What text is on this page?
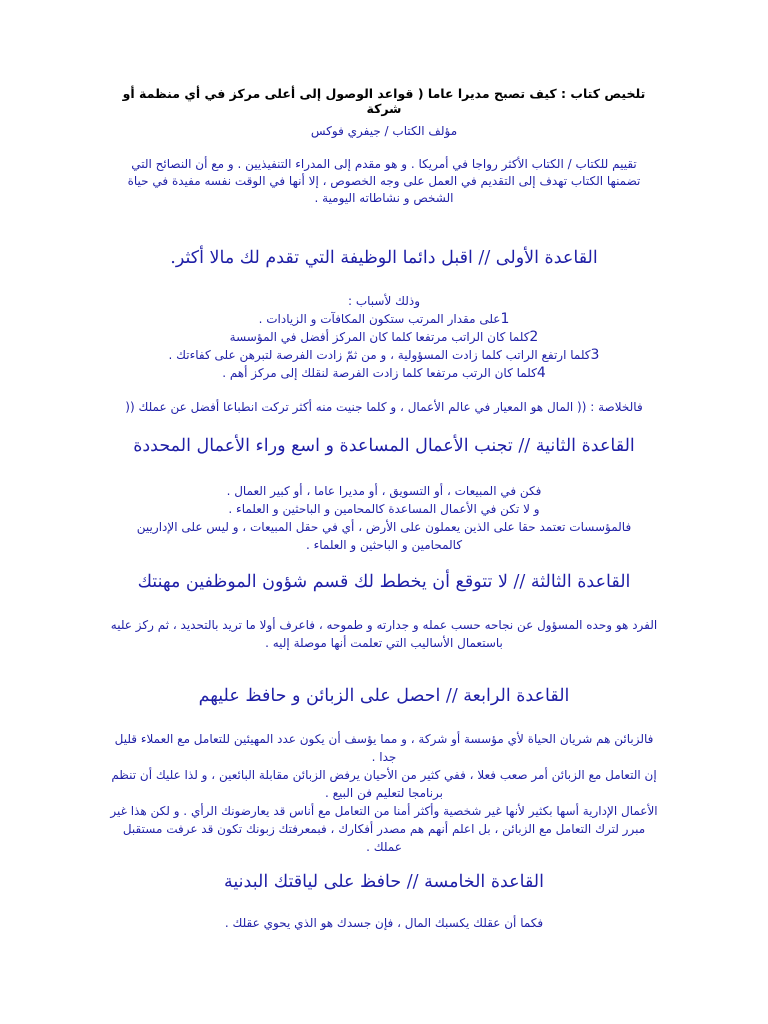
تلخيص كتاب : كيف تصبح مديرا عاما ( قواعد الوصول إلى أعلى مركز في أي منظمة أو شركة
مؤلف الكتاب / جيفري فوكس
تقييم للكتاب / الكتاب الأكثر رواجا في أمريكا . و هو مقدم إلى المدراء التنفيذيين . و مع أن النصائح التي تضمنها الكتاب تهدف إلى التقديم في العمل على وجه الخصوص ، إلا أنها في الوقت نفسه مفيدة في حياة الشخص و نشاطاته اليومية .
القاعدة الأولى // اقبل دائما الوظيفة التي تقدم لك مالا أكثر.

وذلك لأسباب :

1على مقدار المرتب ستكون المكافآت و الزيادات .

2كلما كان الراتب مرتفعا كلما كان المركز أفضل في المؤسسة

3كلما ارتفع الراتب كلما زادت المسؤولية ، و من ثمّ زادت الفرصة لتبرهن على كفاءتك .

4كلما كان الرتب مرتفعا كلما زادت الفرصة لنقلك إلى مركز أهم .

فالخلاصة : (( المال هو المعيار في عالم الأعمال ، و كلما جنيت منه أكثر تركت انطباعا أفضل عن عملك ((
القاعدة الثانية // تجنب الأعمال المساعدة و اسع وراء الأعمال المحددة

فكن في المبيعات ، أو التسويق ، أو مديرا عاما ، أو كبير العمال .

و لا تكن في الأعمال المساعدة كالمحامين و الباحثين و العلماء .

فالمؤسسات تعتمد حقا على الذين يعملون على الأرض ، أي في حقل المبيعات ، و ليس على الإداريين كالمحامين و الباحثين و العلماء .

القاعدة الثالثة // لا تتوقع أن يخطط لك قسم شؤون الموظفين مهنتك
الفرد هو وحده المسؤول عن نجاحه حسب عمله و جدارته و طموحه ، فاعرف أولا ما تريد بالتحديد ، ثم ركز عليه باستعمال الأساليب التي تعلمت أنها موصلة إليه .
القاعدة الرابعة // احصل على الزبائن و حافظ عليهم

فالزبائن هم شريان الحياة لأي مؤسسة أو شركة ، و مما يؤسف أن يكون عدد المهيئين للتعامل مع العملاء قليل جدا .

إن التعامل مع الزبائن أمر صعب فعلا ، ففي كثير من الأحيان يرفض الزبائن مقابلة البائعين ، و لذا عليك أن تنظم برنامجا لتعليم فن البيع .

الأعمال الإدارية أسها بكثير لأنها غير شخصية وأكثر أمنا من التعامل مع أناس قد يعارضونك الرأي . و لكن هذا غير مبرر لترك التعامل مع الزبائن ، بل اعلم أنهم هم مصدر أفكارك ، فبمعرفتك زبونك تكون قد عرفت مستقبل عملك .

القاعدة الخامسة // حافظ على لياقتك البدنية
فكما أن عقلك يكسبك المال ، فإن جسدك هو الذي يحوي عقلك .
